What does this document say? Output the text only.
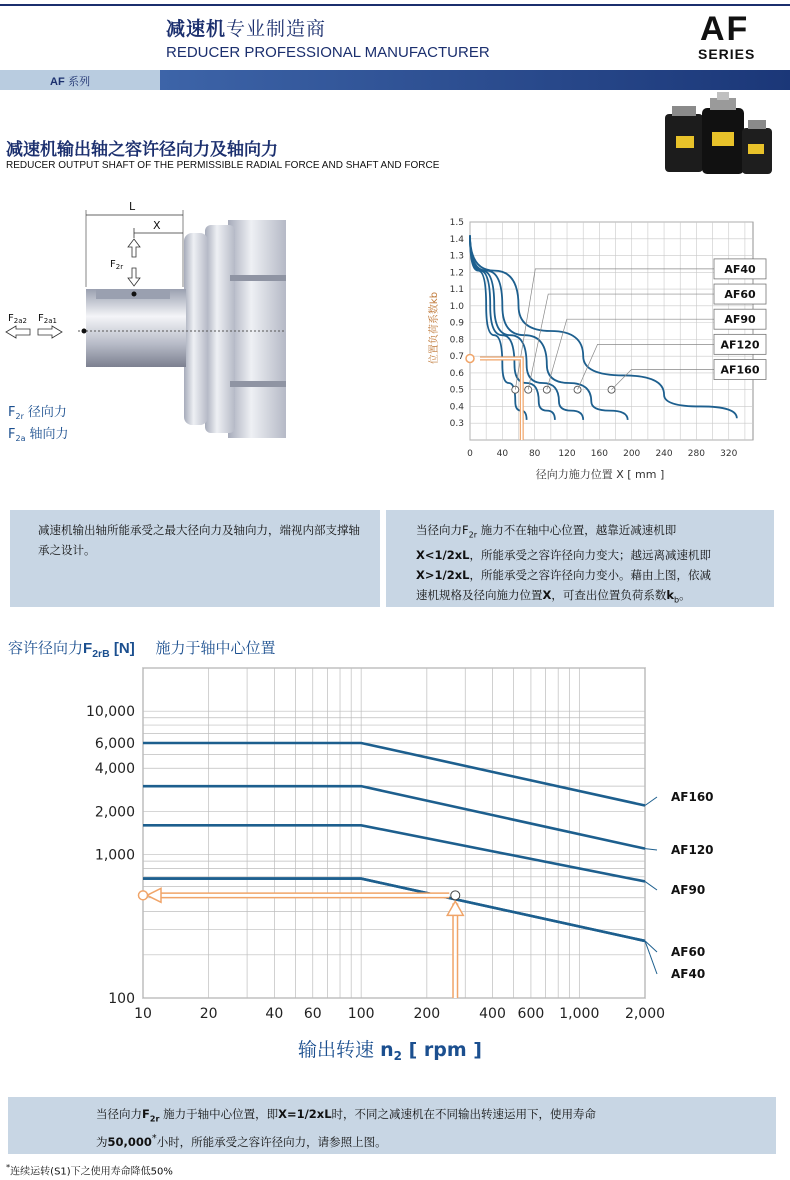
减速机专业制造商
REDUCER PROFESSIONAL MANUFACTURER
AF
SERIES
AF 系列
减速机输出轴之容许径向力及轴向力
REDUCER OUTPUT SHAFT OF THE PERMISSIBLE RADIAL FORCE AND SHAFT AND FORCE
L
X
$F_{2r}$
$F_{2a2}$ $F_{2a1}$
$F_{2r}$ 径向力
$F_{2a}$ 轴向力
0	40 80 120 160 200 240 280 320
0.3
0.4
0.5
0.6
0.7
0.8
0.9
1.0
1.1
1.2
1.3
1.4
1.5
AF40
AF60
AF90
AF120
AF160
径向力施力位置 X [ mm ]
位置负荷系数kb
减速机输出轴所能承受之最大径向力及轴向力，端视内部支撑轴承之设计。
当径向力$F_{2r}$ 施力不在轴中心位置，越靠近减速机即
X<1/2xL，所能承受之容许径向力变大；越远离减速机即
X>1/2xL，所能承受之容许径向力变小。藉由上图，依减
速机规格及径向施力位置X，可查出位置负荷系数$k_b$。
容许径向力$F_{2rB}$ [N] 施力于轴中心位置
10	20	40 60 100	200	400 600 1,000 2,000
100
1,000
2,000
4,000
6,000
10,000
AF160
AF120
AF90
AF60
AF40
输出转速 $n_2$ [ rpm ]
当径向力$F_{2r}$ 施力于轴中心位置，即X=1/2xL时，不同之减速机在不同输出转速运用下，使用寿命
为50,000*小时，所能承受之容许径向力，请参照上图。
*连续运转(S1)下之使用寿命降低50%
